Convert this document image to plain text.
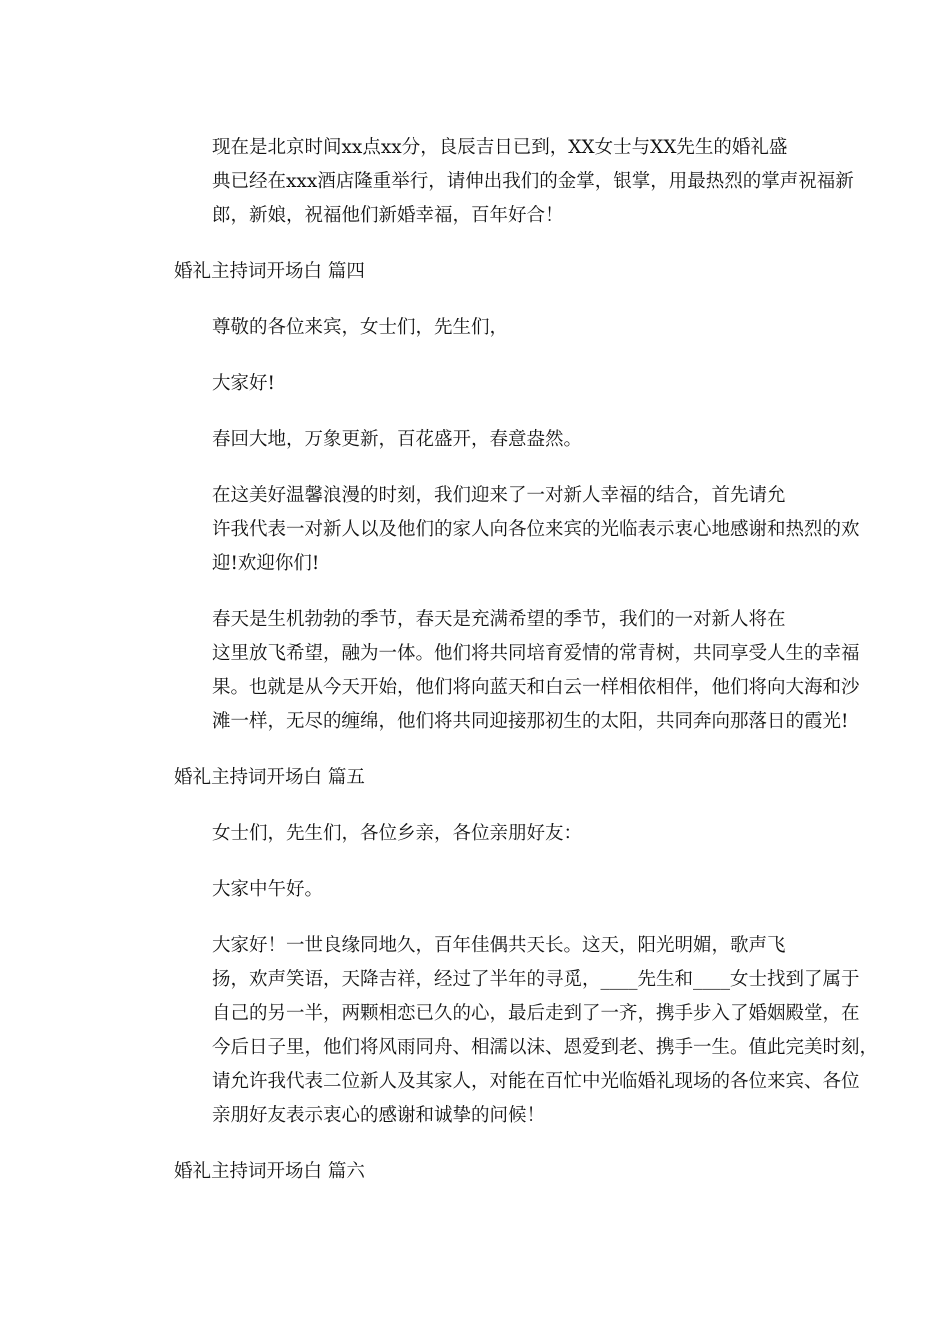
现在是北京时间xx点xx分，良辰吉日已到，XX女士与XX先生的婚礼盛
典已经在xxx酒店隆重举行，请伸出我们的金掌，银掌，用最热烈的掌声祝福新
郎，新娘，祝福他们新婚幸福，百年好合！

婚礼主持词开场白 篇四

尊敬的各位来宾，女士们，先生们，

大家好!

春回大地，万象更新，百花盛开，春意盎然。

在这美好温馨浪漫的时刻，我们迎来了一对新人幸福的结合，首先请允
许我代表一对新人以及他们的家人向各位来宾的光临表示衷心地感谢和热烈的欢
迎!欢迎你们!

春天是生机勃勃的季节，春天是充满希望的季节，我们的一对新人将在
这里放飞希望，融为一体。他们将共同培育爱情的常青树，共同享受人生的幸福
果。也就是从今天开始，他们将向蓝天和白云一样相依相伴，他们将向大海和沙
滩一样，无尽的缠绵，他们将共同迎接那初生的太阳，共同奔向那落日的霞光!

婚礼主持词开场白 篇五

女士们，先生们，各位乡亲，各位亲朋好友：

大家中午好。

大家好！一世良缘同地久，百年佳偶共天长。这天，阳光明媚，歌声飞
扬，欢声笑语，天降吉祥，经过了半年的寻觅，____先生和____女士找到了属于
自己的另一半，两颗相恋已久的心，最后走到了一齐，携手步入了婚姻殿堂，在
今后日子里，他们将风雨同舟、相濡以沫、恩爱到老、携手一生。值此完美时刻，
请允许我代表二位新人及其家人，对能在百忙中光临婚礼现场的各位来宾、各位
亲朋好友表示衷心的感谢和诚挚的问候！

婚礼主持词开场白 篇六
